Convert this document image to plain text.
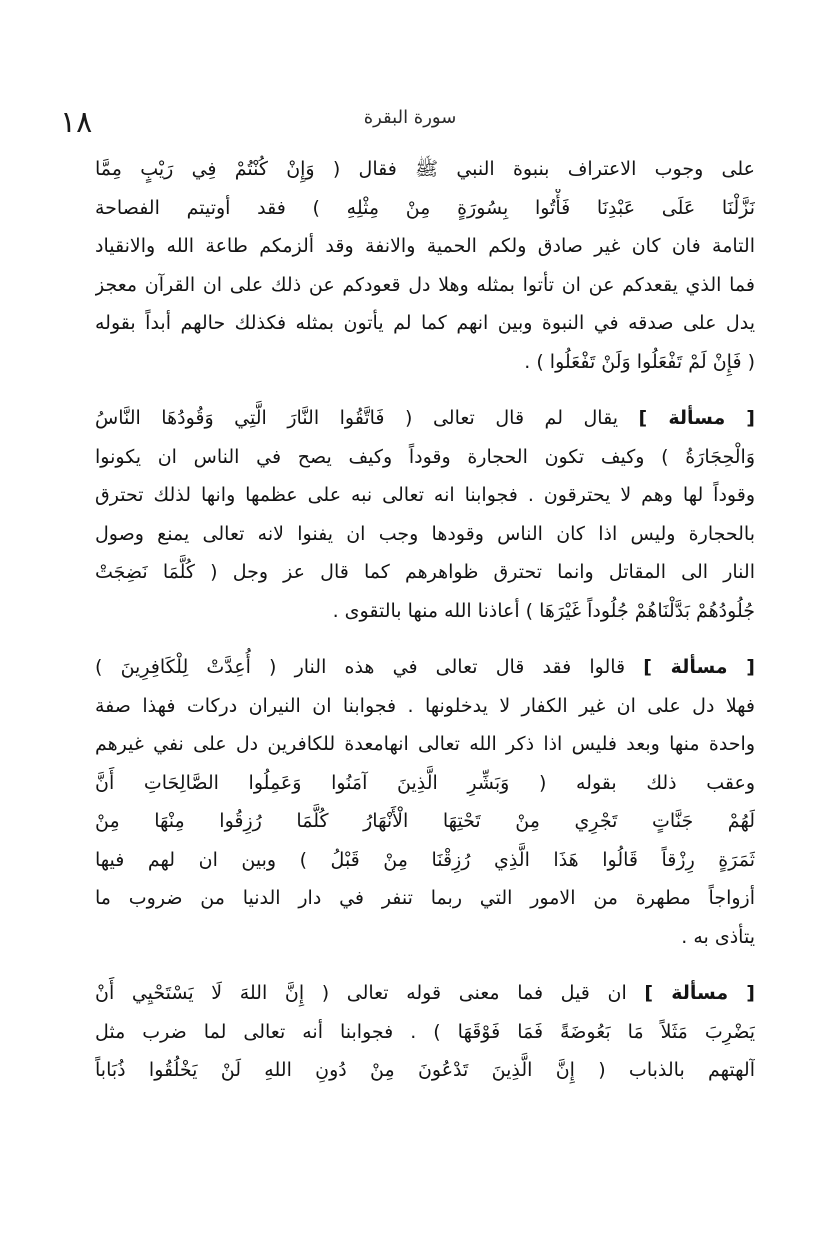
١٨	سورة البقرة
على وجوب الاعتراف بنبوة النبي ﷺ فقال ( وَإِنْ كُنْتُمْ فِي رَيْبٍ مِمَّا
نَزَّلْنَا عَلَى عَبْدِنَا فَأْتُوا بِسُورَةٍ مِنْ مِثْلِهِ ) فقد أوتيتم الفصاحة
التامة فان كان غير صادق ولكم الحمية والانفة وقد ألزمكم طاعة الله والانقياد
فما الذي يقعدكم عن ان تأتوا بمثله وهلا دل قعودكم عن ذلك على ان القرآن معجز
يدل على صدقه في النبوة وبين انهم كما لم يأتون بمثله فكذلك حالهم أبداً بقوله
( فَإِنْ لَمْ تَفْعَلُوا وَلَنْ تَفْعَلُوا ) .
[ مسألة ] يقال لم قال تعالى ( فَاتَّقُوا النَّارَ الَّتِي وَقُودُهَا النَّاسُ
وَالْحِجَارَةُ ) وكيف تكون الحجارة وقوداً وكيف يصح في الناس ان يكونوا
وقوداً لها وهم لا يحترقون . فجوابنا انه تعالى نبه على عظمها وانها لذلك تحترق
بالحجارة وليس اذا كان الناس وقودها وجب ان يفنوا لانه تعالى يمنع وصول
النار الى المقاتل وانما تحترق ظواهرهم كما قال عز وجل ( كُلَّمَا نَضِجَتْ
جُلُودُهُمْ بَدَّلْنَاهُمْ جُلُوداً غَيْرَهَا ) أعاذنا الله منها بالتقوى .
[ مسألة ] قالوا فقد قال تعالى في هذه النار ( أُعِدَّتْ لِلْكَافِرِينَ )
فهلا دل على ان غير الكفار لا يدخلونها . فجوابنا ان النيران دركات فهذا صفة
واحدة منها وبعد فليس اذا ذكر الله تعالى انهامعدة للكافرين دل على نفي غيرهم
وعقب ذلك بقوله ( وَبَشِّرِ الَّذِينَ آمَنُوا وَعَمِلُوا الصَّالِحَاتِ أَنَّ
لَهُمْ جَنَّاتٍ تَجْرِي مِنْ تَحْتِهَا الْأَنْهَارُ كُلَّمَا رُزِقُوا مِنْهَا مِنْ
ثَمَرَةٍ رِزْقاً قَالُوا هَذَا الَّذِي رُزِقْنَا مِنْ قَبْلُ ) وبين ان لهم فيها
أزواجاً مطهرة من الامور التي ربما تنفر في دار الدنيا من ضروب ما
يتأذى به .
[ مسألة ] ان قيل فما معنى قوله تعالى ( إِنَّ اللهَ لَا يَسْتَحْيِي أَنْ
يَضْرِبَ مَثَلاً مَا بَعُوضَةً فَمَا فَوْقَهَا ) . فجوابنا أنه تعالى لما ضرب مثل
آلهتهم بالذباب ( إِنَّ الَّذِينَ تَدْعُونَ مِنْ دُونِ اللهِ لَنْ يَخْلُقُوا ذُبَاباً
